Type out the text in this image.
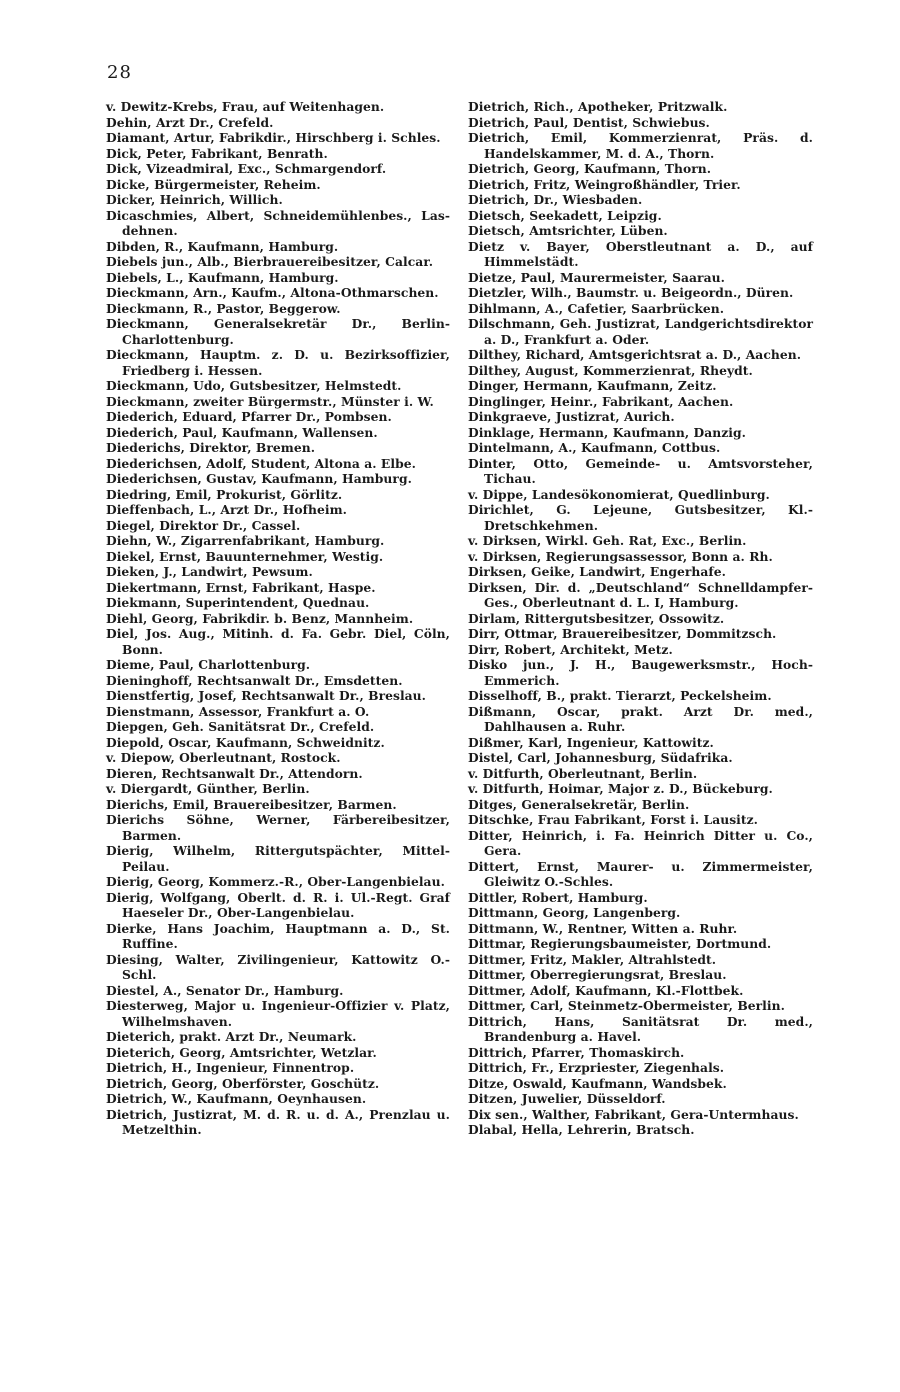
28

v. Dewitz-Krebs, Frau, auf Weitenhagen.

Dehin, Arzt Dr., Crefeld.

Diamant, Artur, Fabrikdir., Hirschberg i. Schles.

Dick, Peter, Fabrikant, Benrath.

Dick, Vizeadmiral, Exc., Schmargendorf.

Dicke, Bürgermeister, Reheim.

Dicker, Heinrich, Willich.

Dicaschmies, Albert, Schneidemühlenbes., Las-dehnen.

Dibden, R., Kaufmann, Hamburg.

Diebels jun., Alb., Bierbrauereibesitzer, Calcar.

Diebels, L., Kaufmann, Hamburg.

Dieckmann, Arn., Kaufm., Altona-Othmarschen.

Dieckmann, R., Pastor, Beggerow.

Dieckmann, Generalsekretär Dr., Berlin-Charlottenburg.

Dieckmann, Hauptm. z. D. u. Bezirksoffizier, Friedberg i. Hessen.

Dieckmann, Udo, Gutsbesitzer, Helmstedt.

Dieckmann, zweiter Bürgermstr., Münster i. W.

Diederich, Eduard, Pfarrer Dr., Pombsen.

Diederich, Paul, Kaufmann, Wallensen.

Diederichs, Direktor, Bremen.

Diederichsen, Adolf, Student, Altona a. Elbe.

Diederichsen, Gustav, Kaufmann, Hamburg.

Diedring, Emil, Prokurist, Görlitz.

Dieffenbach, L., Arzt Dr., Hofheim.

Diegel, Direktor Dr., Cassel.

Diehn, W., Zigarrenfabrikant, Hamburg.

Diekel, Ernst, Bauunternehmer, Westig.

Dieken, J., Landwirt, Pewsum.

Diekertmann, Ernst, Fabrikant, Haspe.

Diekmann, Superintendent, Quednau.

Diehl, Georg, Fabrikdir. b. Benz, Mannheim.

Diel, Jos. Aug., Mitinh. d. Fa. Gebr. Diel, Cöln, Bonn.

Dieme, Paul, Charlottenburg.

Dieninghoff, Rechtsanwalt Dr., Emsdetten.

Dienstfertig, Josef, Rechtsanwalt Dr., Breslau.

Dienstmann, Assessor, Frankfurt a. O.

Diepgen, Geh. Sanitätsrat Dr., Crefeld.

Diepold, Oscar, Kaufmann, Schweidnitz.

v. Diepow, Oberleutnant, Rostock.

Dieren, Rechtsanwalt Dr., Attendorn.

v. Diergardt, Günther, Berlin.

Dierichs, Emil, Brauereibesitzer, Barmen.

Dierichs Söhne, Werner, Färbereibesitzer, Barmen.

Dierig, Wilhelm, Rittergutspächter, Mittel-Peilau.

Dierig, Georg, Kommerz.-R., Ober-Langenbielau.

Dierig, Wolfgang, Oberlt. d. R. i. Ul.-Regt. Graf Haeseler Dr., Ober-Langenbielau.

Dierke, Hans Joachim, Hauptmann a. D., St. Ruffine.

Diesing, Walter, Zivilingenieur, Kattowitz O.-Schl.

Diestel, A., Senator Dr., Hamburg.

Diesterweg, Major u. Ingenieur-Offizier v. Platz, Wilhelmshaven.

Dieterich, prakt. Arzt Dr., Neumark.

Dieterich, Georg, Amtsrichter, Wetzlar.

Dietrich, H., Ingenieur, Finnentrop.

Dietrich, Georg, Oberförster, Goschütz.

Dietrich, W., Kaufmann, Oeynhausen.

Dietrich, Justizrat, M. d. R. u. d. A., Prenzlau u. Metzelthin.

Dietrich, Rich., Apotheker, Pritzwalk.

Dietrich, Paul, Dentist, Schwiebus.

Dietrich, Emil, Kommerzienrat, Präs. d. Handelskammer, M. d. A., Thorn.

Dietrich, Georg, Kaufmann, Thorn.

Dietrich, Fritz, Weingroßhändler, Trier.

Dietrich, Dr., Wiesbaden.

Dietsch, Seekadett, Leipzig.

Dietsch, Amtsrichter, Lüben.

Dietz v. Bayer, Oberstleutnant a. D., auf Himmelstädt.

Dietze, Paul, Maurermeister, Saarau.

Dietzler, Wilh., Baumstr. u. Beigeordn., Düren.

Dihlmann, A., Cafetier, Saarbrücken.

Dilschmann, Geh. Justizrat, Landgerichtsdirektor a. D., Frankfurt a. Oder.

Dilthey, Richard, Amtsgerichtsrat a. D., Aachen.

Dilthey, August, Kommerzienrat, Rheydt.

Dinger, Hermann, Kaufmann, Zeitz.

Dinglinger, Heinr., Fabrikant, Aachen.

Dinkgraeve, Justizrat, Aurich.

Dinklage, Hermann, Kaufmann, Danzig.

Dintelmann, A., Kaufmann, Cottbus.

Dinter, Otto, Gemeinde- u. Amtsvorsteher, Tichau.

v. Dippe, Landesökonomierat, Quedlinburg.

Dirichlet, G. Lejeune, Gutsbesitzer, Kl.-Dretschkehmen.

v. Dirksen, Wirkl. Geh. Rat, Exc., Berlin.

v. Dirksen, Regierungsassessor, Bonn a. Rh.

Dirksen, Geike, Landwirt, Engerhafe.

Dirksen, Dir. d. „Deutschland“ Schnelldampfer-Ges., Oberleutnant d. L. I, Hamburg.

Dirlam, Rittergutsbesitzer, Ossowitz.

Dirr, Ottmar, Brauereibesitzer, Dommitzsch.

Dirr, Robert, Architekt, Metz.

Disko jun., J. H., Baugewerksmstr., Hoch-Emmerich.

Disselhoff, B., prakt. Tierarzt, Peckelsheim.

Dißmann, Oscar, prakt. Arzt Dr. med., Dahlhausen a. Ruhr.

Dißmer, Karl, Ingenieur, Kattowitz.

Distel, Carl, Johannesburg, Südafrika.

v. Ditfurth, Oberleutnant, Berlin.

v. Ditfurth, Hoimar, Major z. D., Bückeburg.

Ditges, Generalsekretär, Berlin.

Ditschke, Frau Fabrikant, Forst i. Lausitz.

Ditter, Heinrich, i. Fa. Heinrich Ditter u. Co., Gera.

Dittert, Ernst, Maurer- u. Zimmermeister, Gleiwitz O.-Schles.

Dittler, Robert, Hamburg.

Dittmann, Georg, Langenberg.

Dittmann, W., Rentner, Witten a. Ruhr.

Dittmar, Regierungsbaumeister, Dortmund.

Dittmer, Fritz, Makler, Altrahlstedt.

Dittmer, Oberregierungsrat, Breslau.

Dittmer, Adolf, Kaufmann, Kl.-Flottbek.

Dittmer, Carl, Steinmetz-Obermeister, Berlin.

Dittrich, Hans, Sanitätsrat Dr. med., Brandenburg a. Havel.

Dittrich, Pfarrer, Thomaskirch.

Dittrich, Fr., Erzpriester, Ziegenhals.

Ditze, Oswald, Kaufmann, Wandsbek.

Ditzen, Juwelier, Düsseldorf.

Dix sen., Walther, Fabrikant, Gera-Untermhaus.

Dlabal, Hella, Lehrerin, Bratsch.
